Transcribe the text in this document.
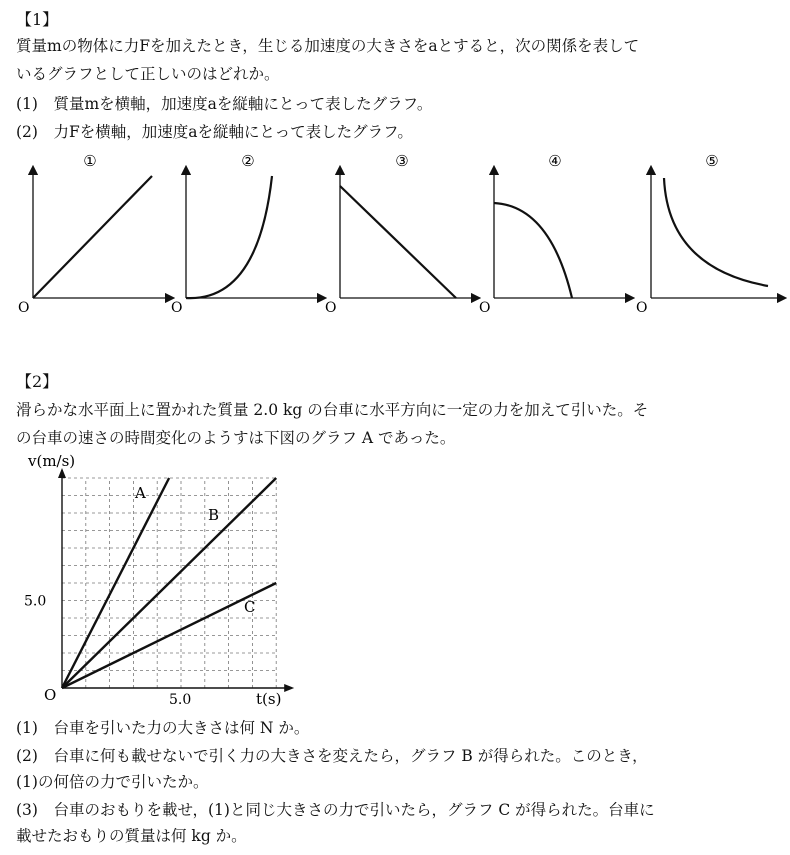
【1】
質量mの物体に力Fを加えたとき，生じる加速度の大きさをaとすると，次の関係を表して
いるグラフとして正しいのはどれか。
(1)　質量mを横軸，加速度aを縦軸にとって表したグラフ。
(2)　力Fを横軸，加速度aを縦軸にとって表したグラフ。
①
O
②
O
③
O
④
O
⑤
O
【2】
滑らかな水平面上に置かれた質量 2.0 kg の台車に水平方向に一定の力を加えて引いた。そ
の台車の速さの時間変化のようすは下図のグラフ A であった。
A
B
C
v(m/s)
t(s)
O	5.0
5.0
(1)　台車を引いた力の大きさは何 N か。
(2)　台車に何も載せないで引く力の大きさを変えたら，グラフ B が得られた。このとき，
(1)の何倍の力で引いたか。
(3)　台車のおもりを載せ，(1)と同じ大きさの力で引いたら，グラフ C が得られた。台車に
載せたおもりの質量は何 kg か。
